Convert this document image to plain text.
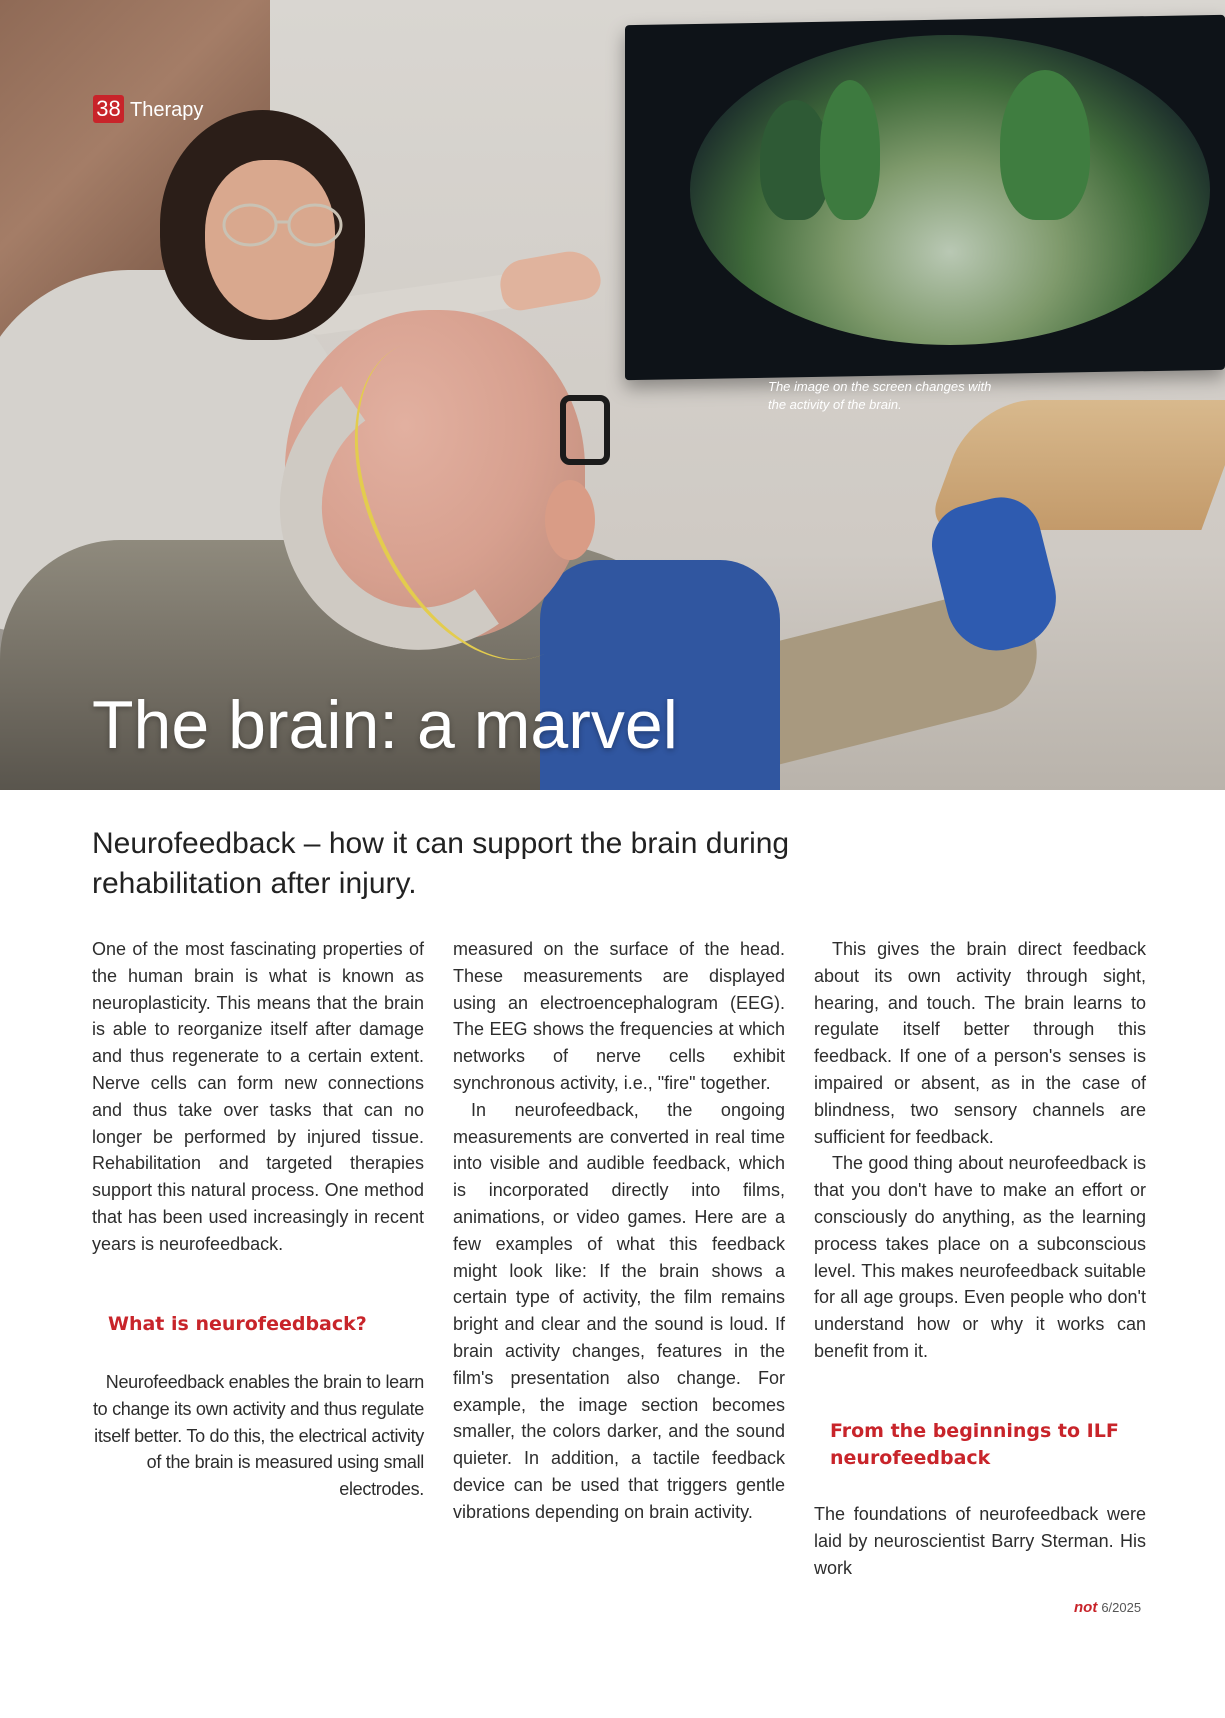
38 Therapy
The image on the screen changes with the activity of the brain.
The brain: a marvel
Neurofeedback – how it can support the brain during rehabilitation after injury.

One of the most fascinating properties of the human brain is what is known as neuroplasticity. This means that the brain is able to reorganize itself after damage and thus regenerate to a certain extent. Nerve cells can form new connections and thus take over tasks that can no longer be performed by injured tissue. Rehabilitation and targeted therapies support this natural process. One method that has been used increasingly in recent years is neurofeedback.

What is neurofeedback?
Neurofeedback enables the brain to learn to change its own activity and thus regulate itself better. To do this, the electrical activity of the brain is measured using small electrodes.

measured on the surface of the head. These measurements are displayed using an electroencephalogram (EEG). The EEG shows the frequencies at which networks of nerve cells exhibit synchronous activity, i.e., "fire" together.

In neurofeedback, the ongoing measurements are converted in real time into visible and audible feedback, which is incorporated directly into films, animations, or video games. Here are a few examples of what this feedback might look like: If the brain shows a certain type of activity, the film remains bright and clear and the sound is loud. If brain activity changes, features in the film's presentation also change. For example, the image section becomes smaller, the colors darker, and the sound quieter. In addition, a tactile feedback device can be used that triggers gentle vibrations depending on brain activity.

This gives the brain direct feedback about its own activity through sight, hearing, and touch. The brain learns to regulate itself better through this feedback. If one of a person's senses is impaired or absent, as in the case of blindness, two sensory channels are sufficient for feedback.

The good thing about neurofeedback is that you don't have to make an effort or consciously do anything, as the learning process takes place on a subconscious level. This makes neurofeedback suitable for all age groups. Even people who don't understand how or why it works can benefit from it.

From the beginnings to ILF neurofeedback

The foundations of neurofeedback were laid by neuroscientist Barry Sterman. His work

not 6/2025
